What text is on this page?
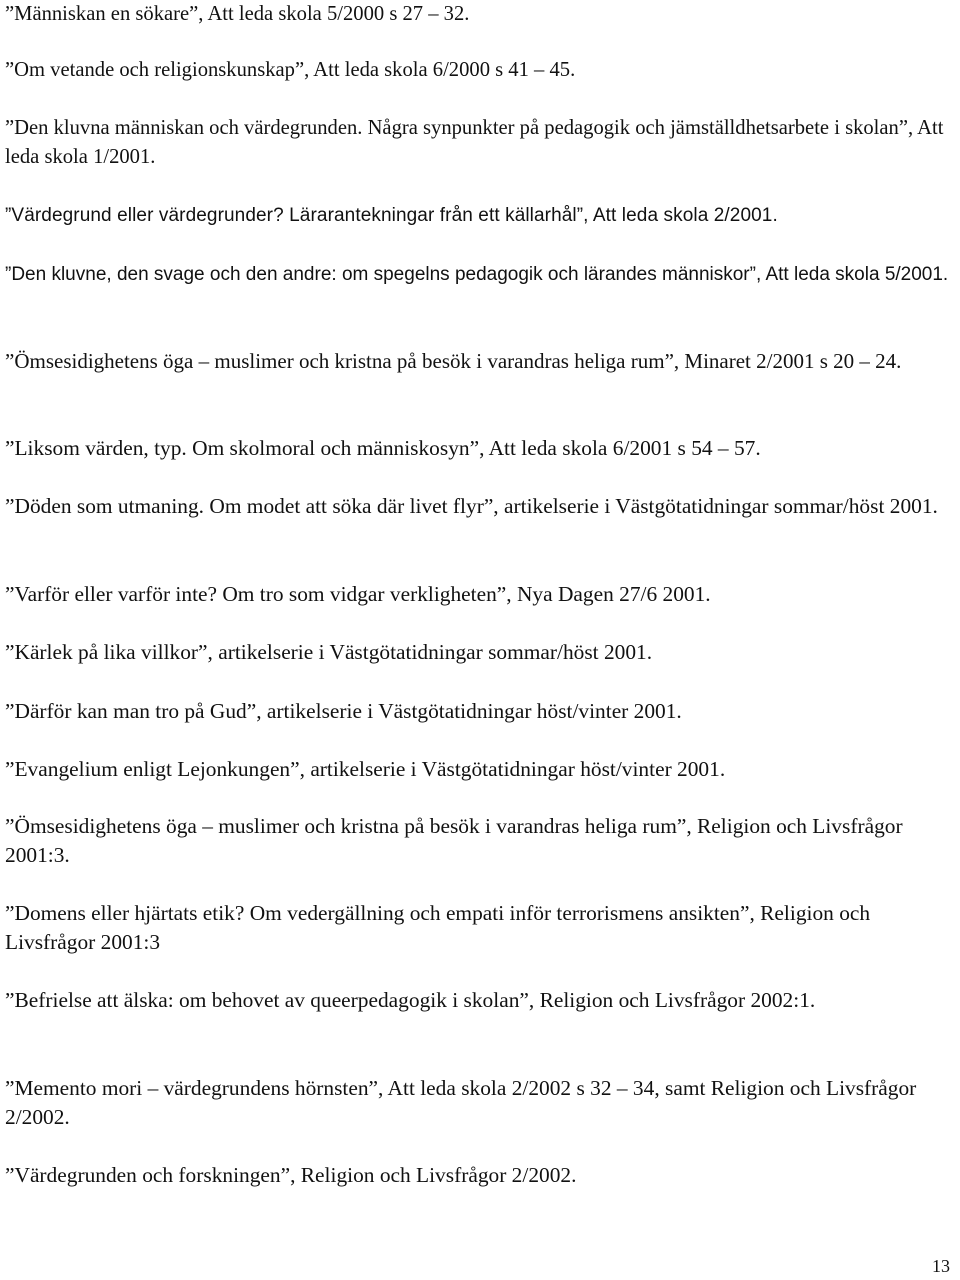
”Människan en sökare”, Att leda skola 5/2000 s 27 – 32.

”Om vetande och religionskunskap”, Att leda skola 6/2000 s 41 – 45.

”Den kluvna människan och värdegrunden. Några synpunkter på pedagogik och jämställdhetsarbete i skolan”, Att leda skola 1/2001.

”Värdegrund eller värdegrunder? Lärarantekningar från ett källarhål”, Att leda skola 2/2001.

”Den kluvne, den svage och den andre: om spegelns pedagogik och lärandes människor”, Att leda skola 5/2001.

”Ömsesidighetens öga – muslimer och kristna på besök i varandras heliga rum”, Minaret 2/2001 s 20 – 24.

”Liksom värden, typ. Om skolmoral och människosyn”, Att leda skola 6/2001 s 54 – 57.

”Döden som utmaning. Om modet att söka där livet flyr”, artikelserie i Västgötatidningar sommar/höst 2001.

”Varför eller varför inte? Om tro som vidgar verkligheten”, Nya Dagen 27/6 2001.

”Kärlek på lika villkor”, artikelserie i Västgötatidningar sommar/höst 2001.

”Därför kan man tro på Gud”, artikelserie i Västgötatidningar höst/vinter 2001.

”Evangelium enligt Lejonkungen”, artikelserie i Västgötatidningar höst/vinter 2001.

”Ömsesidighetens öga – muslimer och kristna på besök i varandras heliga rum”, Religion och Livsfrågor 2001:3.

”Domens eller hjärtats etik? Om vedergällning och empati inför terrorismens ansikten”, Religion och Livsfrågor 2001:3

”Befrielse att älska: om behovet av queerpedagogik i skolan”, Religion och Livsfrågor 2002:1.

”Memento mori – värdegrundens hörnsten”, Att leda skola 2/2002 s 32 – 34, samt Religion och Livsfrågor 2/2002.

”Värdegrunden och forskningen”, Religion och Livsfrågor 2/2002.

13
